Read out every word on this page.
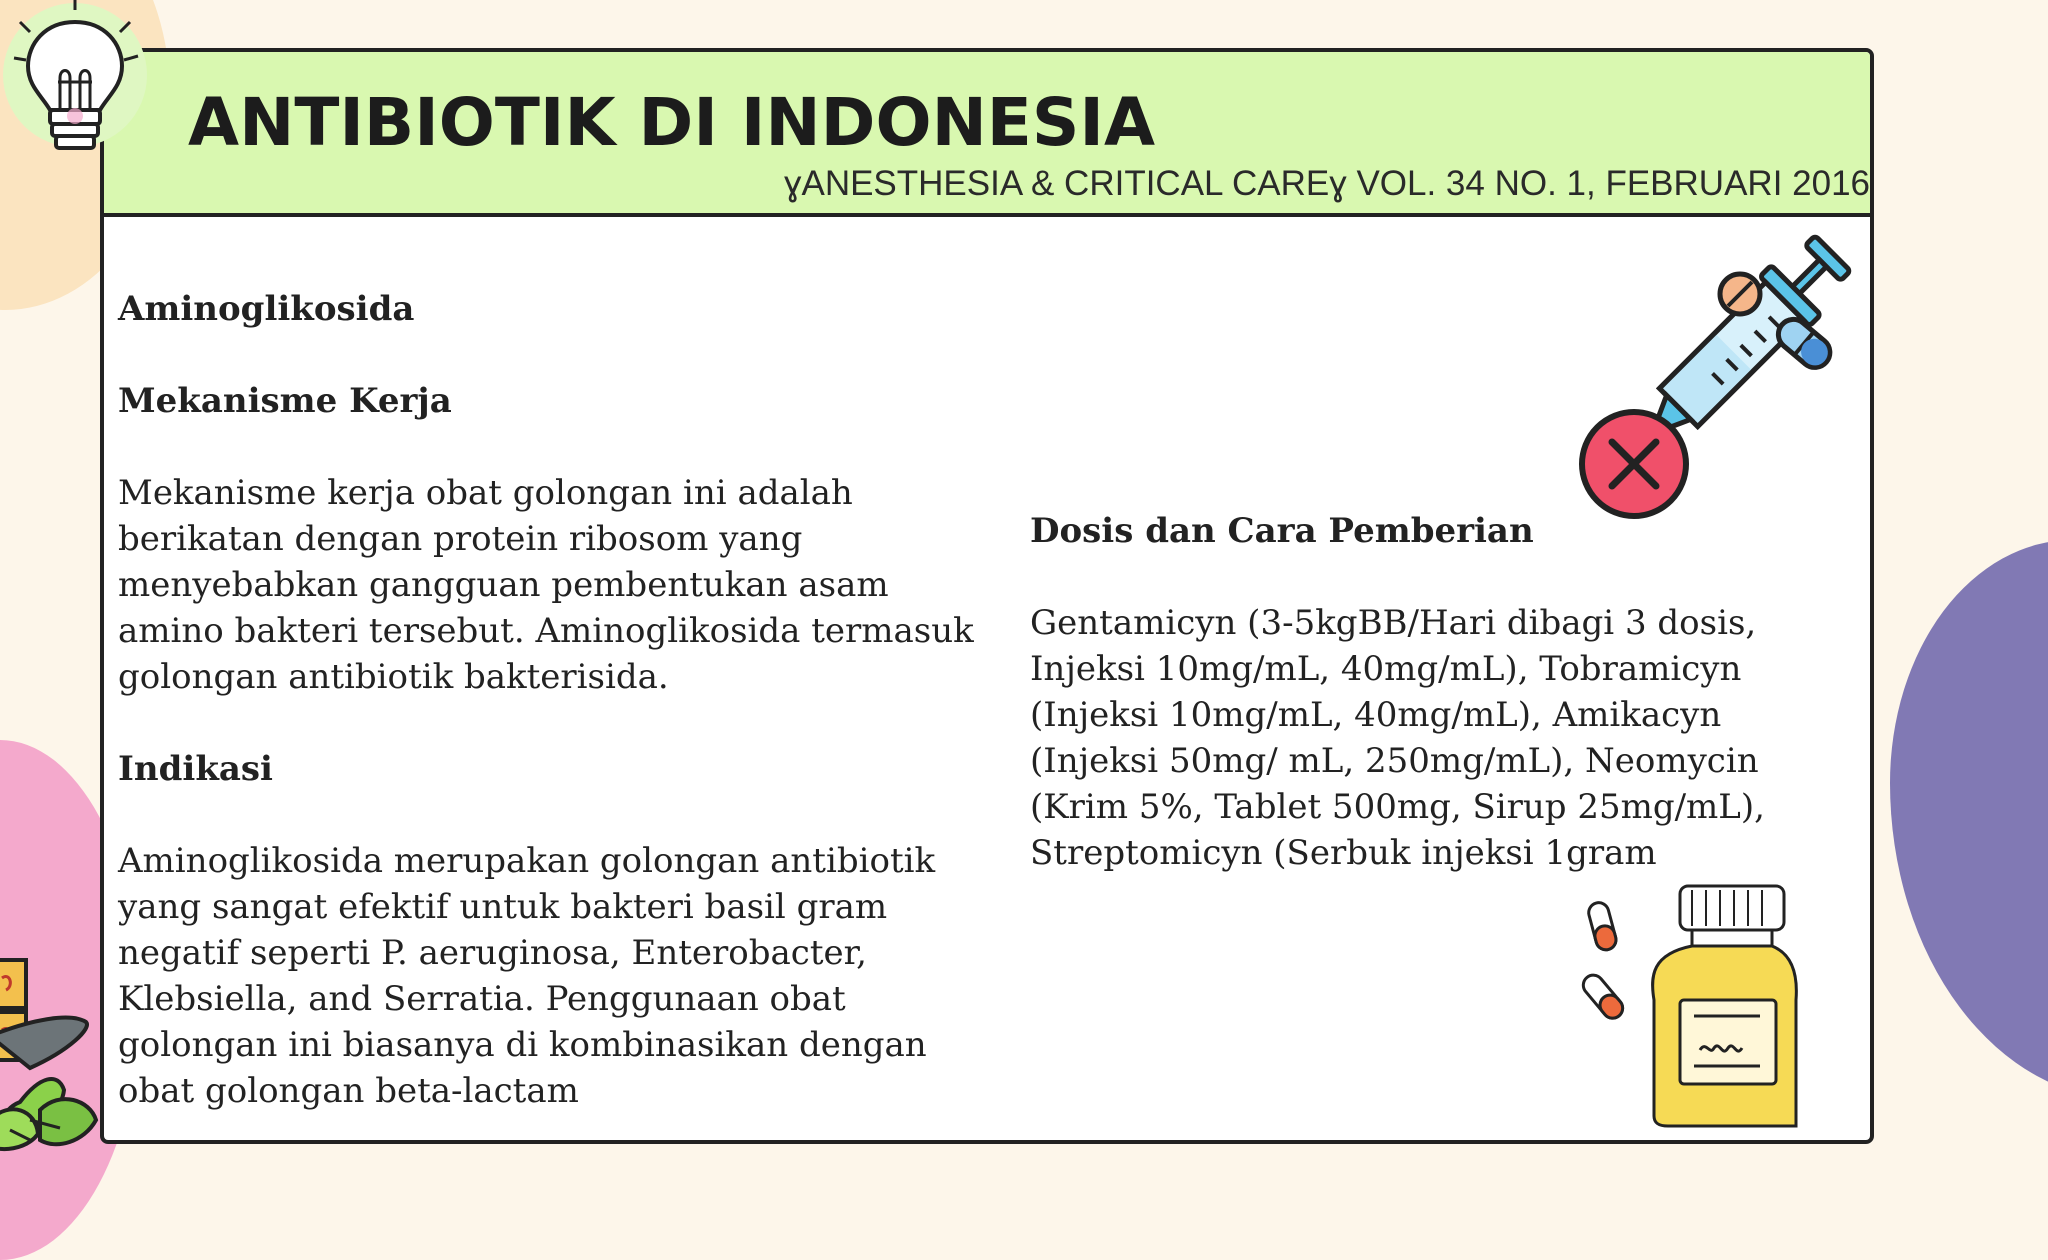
ANTIBIOTIK DI INDONESIA
ɣANESTHESIA & CRITICAL CAREɣ VOL. 34 NO. 1, FEBRUARI 2016
Aminoglikosida
Mekanisme Kerja

Mekanisme kerja obat golongan ini adalah berikatan dengan protein ribosom yang menyebabkan gangguan pembentukan asam amino bakteri tersebut. Aminoglikosida termasuk golongan antibiotik bakterisida.

Indikasi

Aminoglikosida merupakan golongan antibiotik yang sangat efektif untuk bakteri basil gram negatif seperti P. aeruginosa, Enterobacter, Klebsiella, and Serratia. Penggunaan obat golongan ini biasanya di kombinasikan dengan obat golongan beta-lactam

Dosis dan Cara Pemberian

Gentamicyn (3-5kgBB/Hari dibagi 3 dosis, Injeksi 10mg/mL, 40mg/mL), Tobramicyn (Injeksi 10mg/mL, 40mg/mL), Amikacyn (Injeksi 50mg/ mL, 250mg/mL), Neomycin (Krim 5%, Tablet 500mg, Sirup 25mg/mL), Streptomicyn (Serbuk injeksi 1gram
